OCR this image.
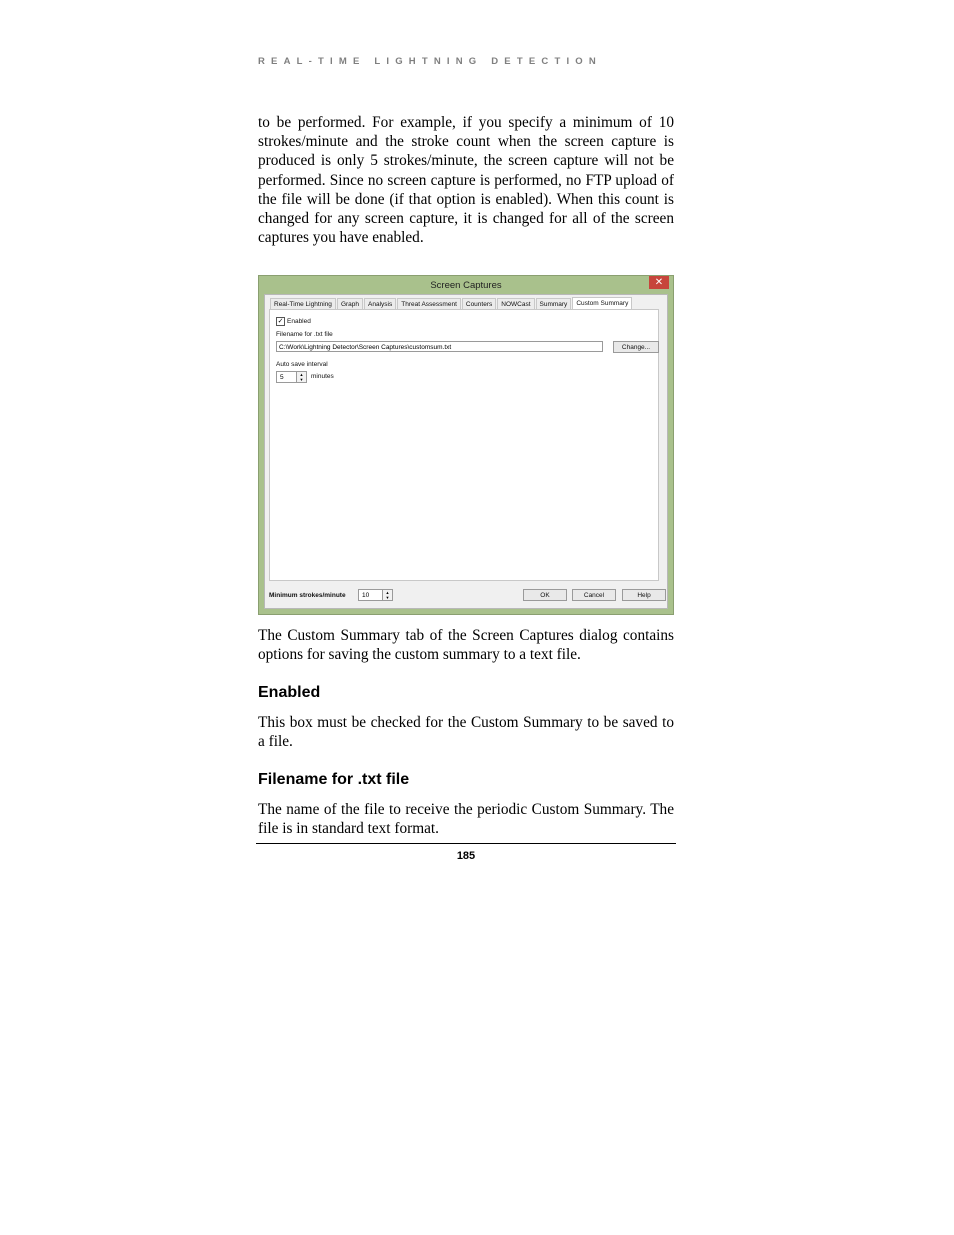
REAL-TIME LIGHTNING DETECTION

to be performed. For example, if you specify a minimum of 10 strokes/minute and the stroke count when the screen capture is produced is only 5 strokes/minute, the screen capture will not be performed. Since no screen capture is performed, no FTP upload of the file will be done (if that option is enabled). When this count is changed for any screen capture, it is changed for all of the screen captures you have enabled.

Screen Captures	✕
Real-Time Lightning	Graph	Analysis	Threat Assessment	Counters	NOWCast	Summary	Custom Summary
✓ Enabled
Filename for .txt file
C:\Work\Lightning Detector\Screen Captures\customsum.txt	Change...
Auto save interval
5	▲
▼	minutes
Minimum strokes/minute	10	▲
▼	OK	Cancel	Help

The Custom Summary tab of the Screen Captures dialog contains options for saving the custom summary to a text file.

Enabled

This box must be checked for the Custom Summary to be saved to a file.

Filename for .txt file

The name of the file to receive the periodic Custom Summary. The file is in standard text format.

185
